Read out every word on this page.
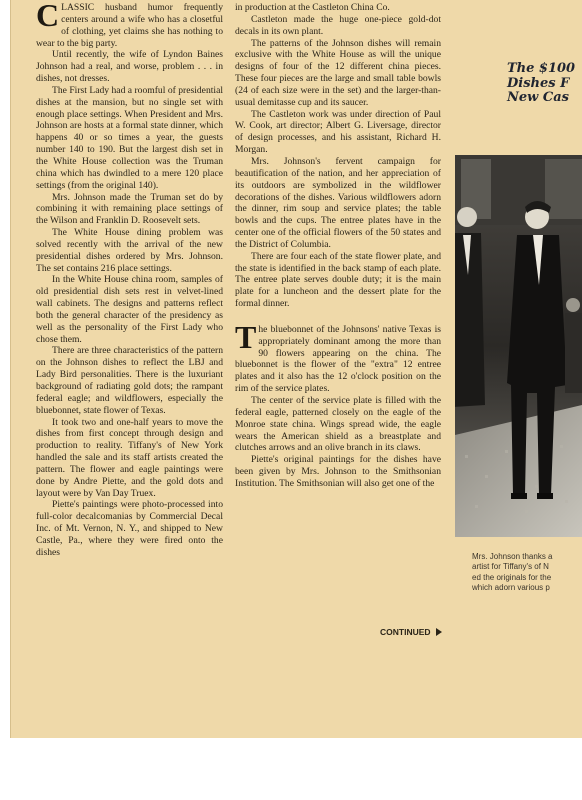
CLASSIC husband humor frequently centers around a wife who has a closetful of clothing, yet claims she has nothing to wear to the big party.

Until recently, the wife of Lyndon Baines Johnson had a real, and worse, problem . . . in dishes, not dresses.

The First Lady had a roomful of presidential dishes at the mansion, but no single set with enough place settings. When President and Mrs. Johnson are hosts at a formal state dinner, which happens 40 or so times a year, the guests number 140 to 190. But the largest dish set in the White House collection was the Truman china which has dwindled to a mere 120 place settings (from the original 140).

Mrs. Johnson made the Truman set do by combining it with remaining place settings of the Wilson and Franklin D. Roosevelt sets.

The White House dining problem was solved recently with the arrival of the new presidential dishes ordered by Mrs. Johnson. The set contains 216 place settings.

In the White House china room, samples of old presidential dish sets rest in velvet-lined wall cabinets. The designs and patterns reflect both the general character of the presidency as well as the personality of the First Lady who chose them.

There are three characteristics of the pattern on the Johnson dishes to reflect the LBJ and Lady Bird personalities. There is the luxuriant background of radiating gold dots; the rampant federal eagle; and wildflowers, especially the bluebonnet, state flower of Texas.

It took two and one-half years to move the dishes from first concept through design and production to reality. Tiffany's of New York handled the sale and its staff artists created the pattern. The flower and eagle paintings were done by Andre Piette, and the gold dots and layout were by Van Day Truex.

Piette's paintings were photo-processed into full-color decalcomanias by Commercial Decal Inc. of Mt. Vernon, N. Y., and shipped to New Castle, Pa., where they were fired onto the dishes

in production at the Castleton China Co.

Castleton made the huge one-piece gold-dot decals in its own plant.

The patterns of the Johnson dishes will remain exclusive with the White House as will the unique designs of four of the 12 different china pieces. These four pieces are the large and small table bowls (24 of each size were in the set) and the larger-than-usual demitasse cup and its saucer.

The Castleton work was under direction of Paul W. Cook, art director; Albert G. Liversage, director of design processes, and his assistant, Richard H. Morgan.

Mrs. Johnson's fervent campaign for beautification of the nation, and her appreciation of its outdoors are symbolized in the wildflower decorations of the dishes. Various wildflowers adorn the dinner, rim soup and service plates; the table bowls and the cups. The entree plates have in the center one of the official flowers of the 50 states and the District of Columbia.

There are four each of the state flower plate, and the state is identified in the back stamp of each plate. The entree plate serves double duty; it is the main plate for a luncheon and the dessert plate for the formal dinner.

The bluebonnet of the Johnsons' native Texas is appropriately dominant among the more than 90 flowers appearing on the china. The bluebonnet is the flower of the "extra" 12 entree plates and it also has the 12 o'clock position on the rim of the service plates.

The center of the service plate is filled with the federal eagle, patterned closely on the eagle of the Monroe state china. Wings spread wide, the eagle wears the American shield as a breastplate and clutches arrows and an olive branch in its claws.

Piette's original paintings for the dishes have been given by Mrs. Johnson to the Smithsonian Institution. The Smithsonian will also get one of the

CONTINUED
The $100
Dishes F
New Cas
Mrs. Johnson thanks a
artist for Tiffany's of N
ed the originals for the
which adorn various p
